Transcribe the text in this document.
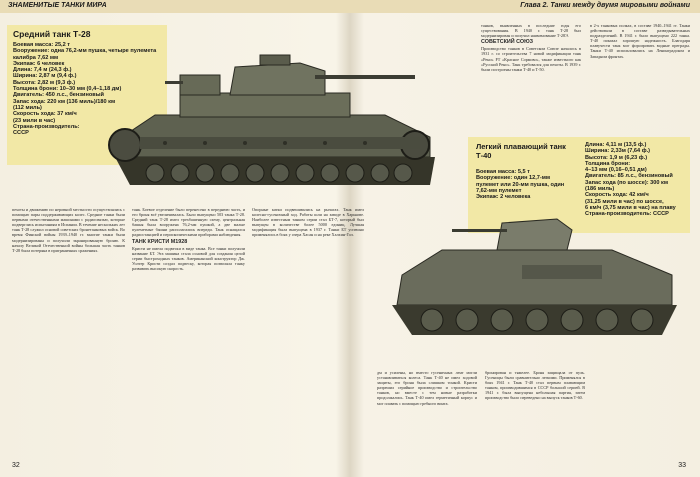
ЗНАМЕНИТЫЕ ТАНКИ МИРА	Глава 2. Танки между двумя мировыми войнами
Средний танк Т-28
Боевая масса: 25,2 т
Вооружение: одна 76,2-мм пушка, четыре пулемета
калибра 7,62 мм
Экипаж: 6 человек
Длина: 7,4 м (24,3 ф.)
Ширина: 2,87 м (9,4 ф.)
Высота: 2,82 м (9,3 ф.)
Толщина брони: 10–30 мм (0,4–1,18 дм)
Двигатель: 450 л.с., бензиновый
Запас хода: 220 км (136 миль)/180 км
(112 миль)
Скорость хода: 37 км/ч
(23 мили в час)
Страна-производитель:
СССР

танков, выявленных в последние годы его существования. В 1940 г. танк Т-28 был модернизирован и получил наименование Т-28Э.

СОВЕТСКИЙ СОЮЗ

Производство танков в Советском Союзе началось в 1931 г. со строительства 7 новой модификации танк «Рено» FT «Красное Сормово», также известного как «Русский Рено». Танк требовался для пехоты. В 1939 г. были построены танки Т-40 и Т-50.

в 2-х танковых полках, в составе 1940–1941 гг. Танки действовали в составе разведывательных подразделений. В 1941 г. было выпущено 222 танка. Т-40 показал хорошую надежность. Благодаря плавучести танк мог форсировать водные преграды. Танки Т-40 использовались на Ленинградском и Западном фронтах.

Легкий плавающий танк Т-40
Боевая масса: 5,5 т
Вооружение: один 12,7-мм
пулемет или 20-мм пушка, один
7,62-мм пулемет
Экипаж: 2 человека
Длина: 4,11 м (13,5 ф.)
Ширина: 2,33м (7,64 ф.)
Высота: 1,9 м (6,23 ф.)
Толщина брони:
4–13 мм (0,16–0,51 дм)
Двигатель: 85 л.с., бензиновый
Запас хода (по шоссе): 300 км
(186 миль)
Скорость хода: 42 км/ч
(31,25 мили в час) по шоссе,
6 км/ч (3,75 мили в час) на плаву
Страна-производитель: СССР

пехоты и движению по неровной местности осуществлялись с помощью пары поддерживающих колес. Средние танки были первыми отечественными машинами с радиосвязью, которые подверглись испытаниям в Испании. В течение нескольких лет танк Т-28 служил основой советских бронетанковых войск. Во время Финской войны 1939–1940 гг. многие танки были модернизированы и получили экранированную броню. К началу Великой Отечественной войны большая часть танков Т-28 была потеряна в приграничных сражениях.

танк. Боевое отделение было перенесено в переднюю часть, и его броня всё увеличивалась. Было выпущено 503 танка Т-28. Средний танк Т-28 имел трехбашенную схему, центральная башня была вооружена 76,2-мм пушкой, а две малые пулеметные башни располагались впереди. Танк оснащался радиостанцией и перископическими приборами наблюдения.

ТАНК КРИСТИ М1928

Кристи не имела подвески в виде танка. Все танки получили название БТ. Эта машина стала основой для создания целой серии быстроходных танков. Американский конструктор Дж. Уолтер Кристи создал подвеску, которая позволяла танку развивать высокую скорость.

Опорные катки подвешивались на рычагах. Танк имел колесно-гусеничный ход. Работы шли на заводе в Харькове. Наиболее известным танком серии стал БТ-7, который был выпущен в количестве более 5000 единиц. Лучшая модификация была выпущена в 1937 г. Танки БТ успешно применялись в боях у озера Хасан и на реке Халхин-Гол.

дм и усилены, но вместо гусеничных лент могли устанавливаться колеса. Танк Т-40 не имел ходовой защиты, его броня была слишком тонкой. Кристи разрешил серийное производство и строительство танков, но вместе с тем новые разработки продолжались. Танк Т-40 имел герметичный корпус и мог плавать с помощью гребного винта.

бронирован и тяжелее. Броня защищала от пуль. Гусеницы были сравнительно легкими. Применялся в боях 1941 г. Танк Т-40 стал первым плавающим танком, производившимся в СССР большой серией. В 1941 г. была выпущена небольшая партия, затем производство было переведено на выпуск танков Т-60.

32	33
